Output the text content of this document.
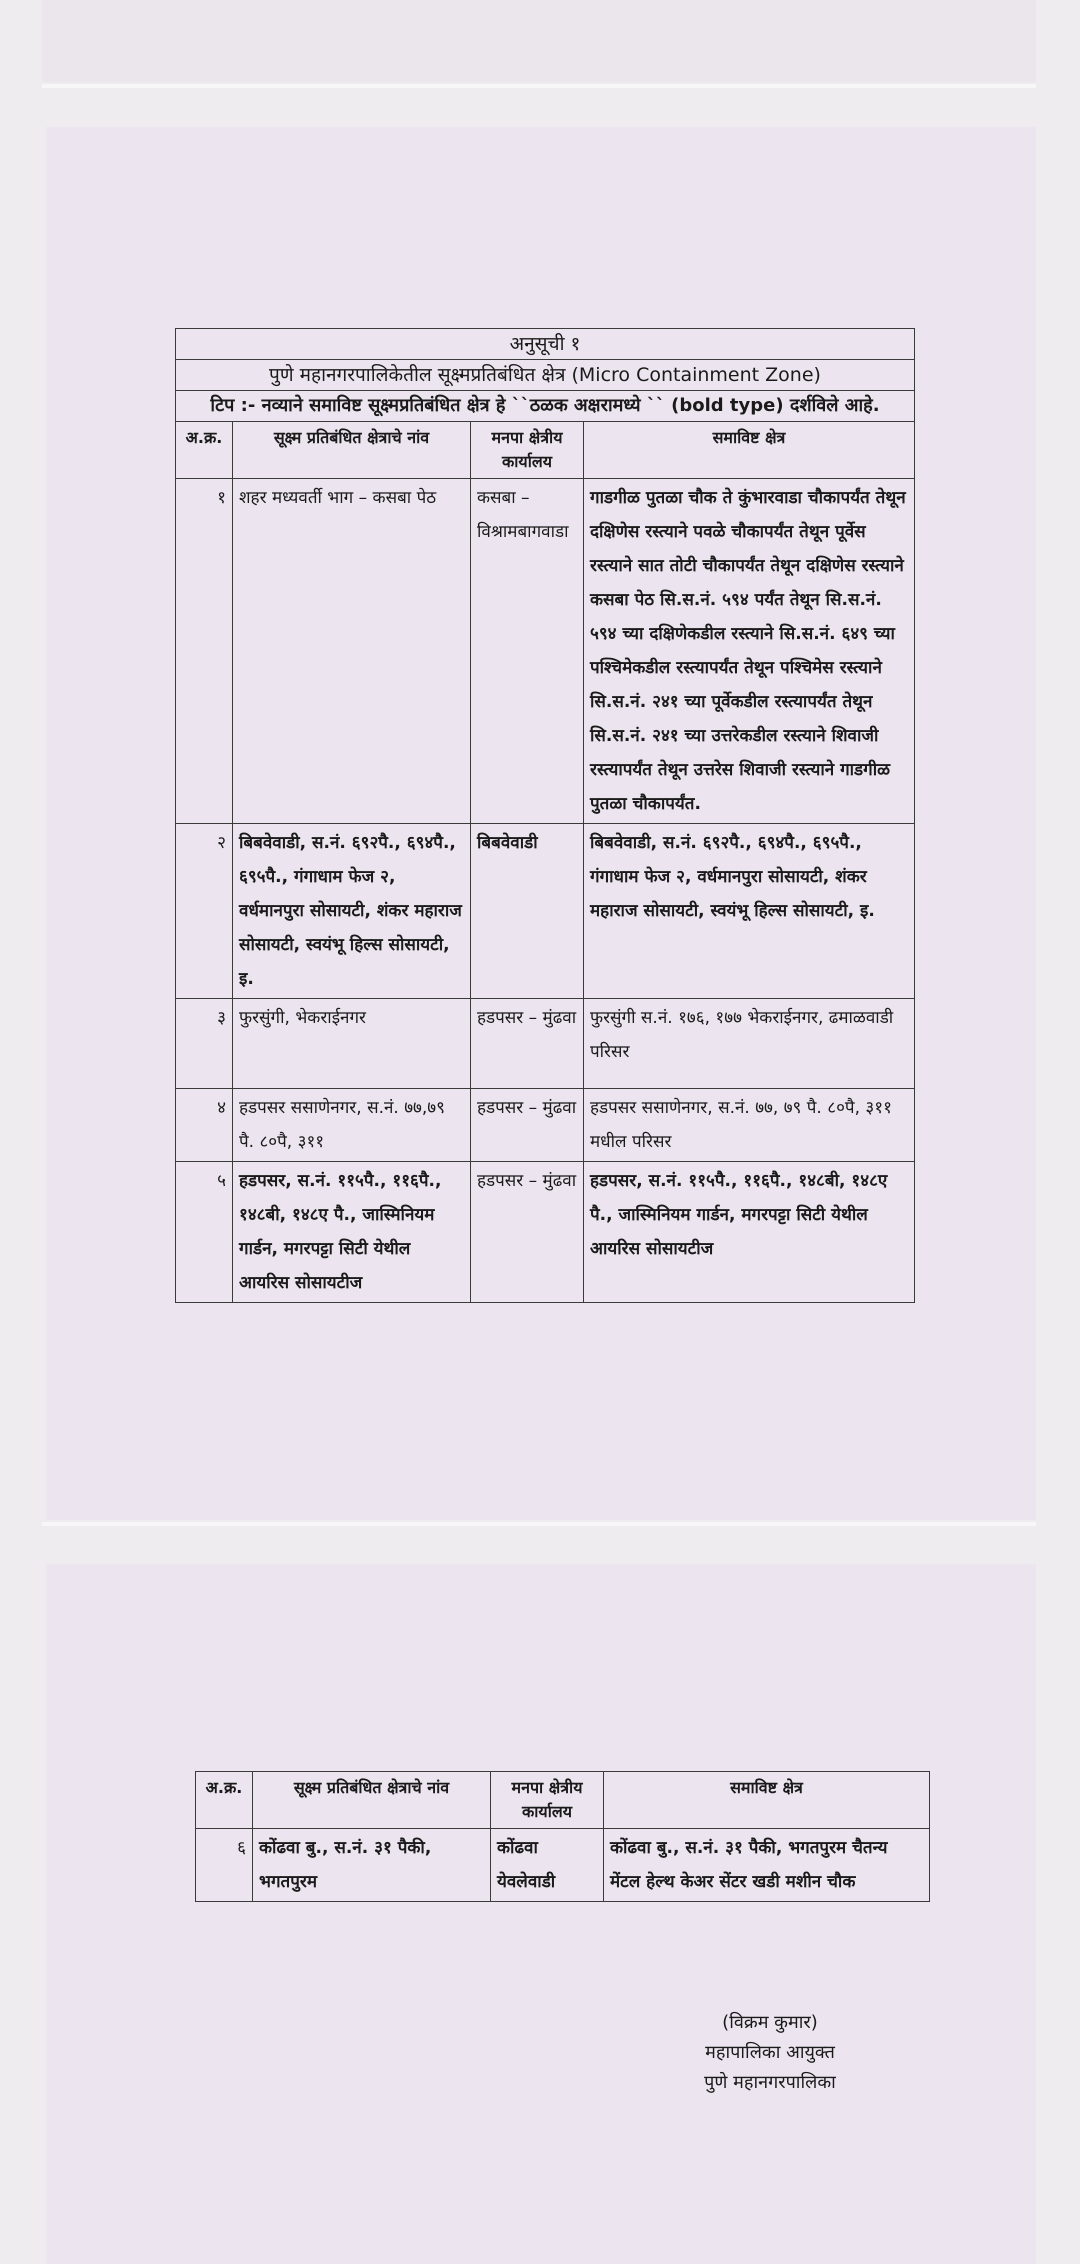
अनुसूची १			
पुणे महानगरपालिकेतील सूक्ष्मप्रतिबंधित क्षेत्र (Micro Containment Zone)			
टिप :- नव्याने समाविष्ट सूक्ष्मप्रतिबंधित क्षेत्र हे ``ठळक अक्षरामध्ये `` (bold type) दर्शविले आहे.			
अ.क्र.	सूक्ष्म प्रतिबंधित क्षेत्राचे नांव	मनपा क्षेत्रीय कार्यालय	समाविष्ट क्षेत्र
१	शहर मध्यवर्ती भाग – कसबा पेठ	कसबा – विश्रामबागवाडा	गाडगीळ पुतळा चौक ते कुंभारवाडा चौकापर्यंत तेथून दक्षिणेस रस्त्याने पवळे चौकापर्यंत तेथून पूर्वेस रस्त्याने सात तोटी चौकापर्यंत तेथून दक्षिणेस रस्त्याने कसबा पेठ सि.स.नं. ५९४ पर्यंत तेथून सि.स.नं. ५९४ च्या दक्षिणेकडील रस्त्याने सि.स.नं. ६४९ च्या पश्चिमेकडील रस्त्यापर्यंत तेथून पश्चिमेस रस्त्याने सि.स.नं. २४१ च्या पूर्वेकडील रस्त्यापर्यंत तेथून सि.स.नं. २४१ च्या उत्तरेकडील रस्त्याने शिवाजी रस्त्यापर्यंत तेथून उत्तरेस शिवाजी रस्त्याने गाडगीळ पुतळा चौकापर्यंत.
२	बिबवेवाडी, स.नं. ६९२पै., ६९४पै., ६९५पै., गंगाधाम फेज २, वर्धमानपुरा सोसायटी, शंकर महाराज सोसायटी, स्वयंभू हिल्स सोसायटी, इ.	बिबवेवाडी	बिबवेवाडी, स.नं. ६९२पै., ६९४पै., ६९५पै., गंगाधाम फेज २, वर्धमानपुरा सोसायटी, शंकर महाराज सोसायटी, स्वयंभू हिल्स सोसायटी, इ.
३	फुरसुंगी, भेकराईनगर	हडपसर – मुंढवा	फुरसुंगी स.नं. १७६, १७७ भेकराईनगर, ढमाळवाडी परिसर
४	हडपसर ससाणेनगर, स.नं. ७७,७९ पै. ८०पै, ३११	हडपसर – मुंढवा	हडपसर ससाणेनगर, स.नं. ७७, ७९ पै. ८०पै, ३११ मधील परिसर
५	हडपसर, स.नं. ११५पै., ११६पै., १४८बी, १४८ए पै., जास्मिनियम गार्डन, मगरपट्टा सिटी येथील आयरिस सोसायटीज	हडपसर – मुंढवा	हडपसर, स.नं. ११५पै., ११६पै., १४८बी, १४८ए पै., जास्मिनियम गार्डन, मगरपट्टा सिटी येथील आयरिस सोसायटीज
अ.क्र.	सूक्ष्म प्रतिबंधित क्षेत्राचे नांव	मनपा क्षेत्रीय कार्यालय	समाविष्ट क्षेत्र
६	कोंढवा बु., स.नं. ३१ पैकी, भगतपुरम	कोंढवा येवलेवाडी	कोंढवा बु., स.नं. ३१ पैकी, भगतपुरम चैतन्य मेंटल हेल्थ केअर सेंटर खडी मशीन चौक
(विक्रम कुमार)
महापालिका आयुक्त
पुणे महानगरपालिका
